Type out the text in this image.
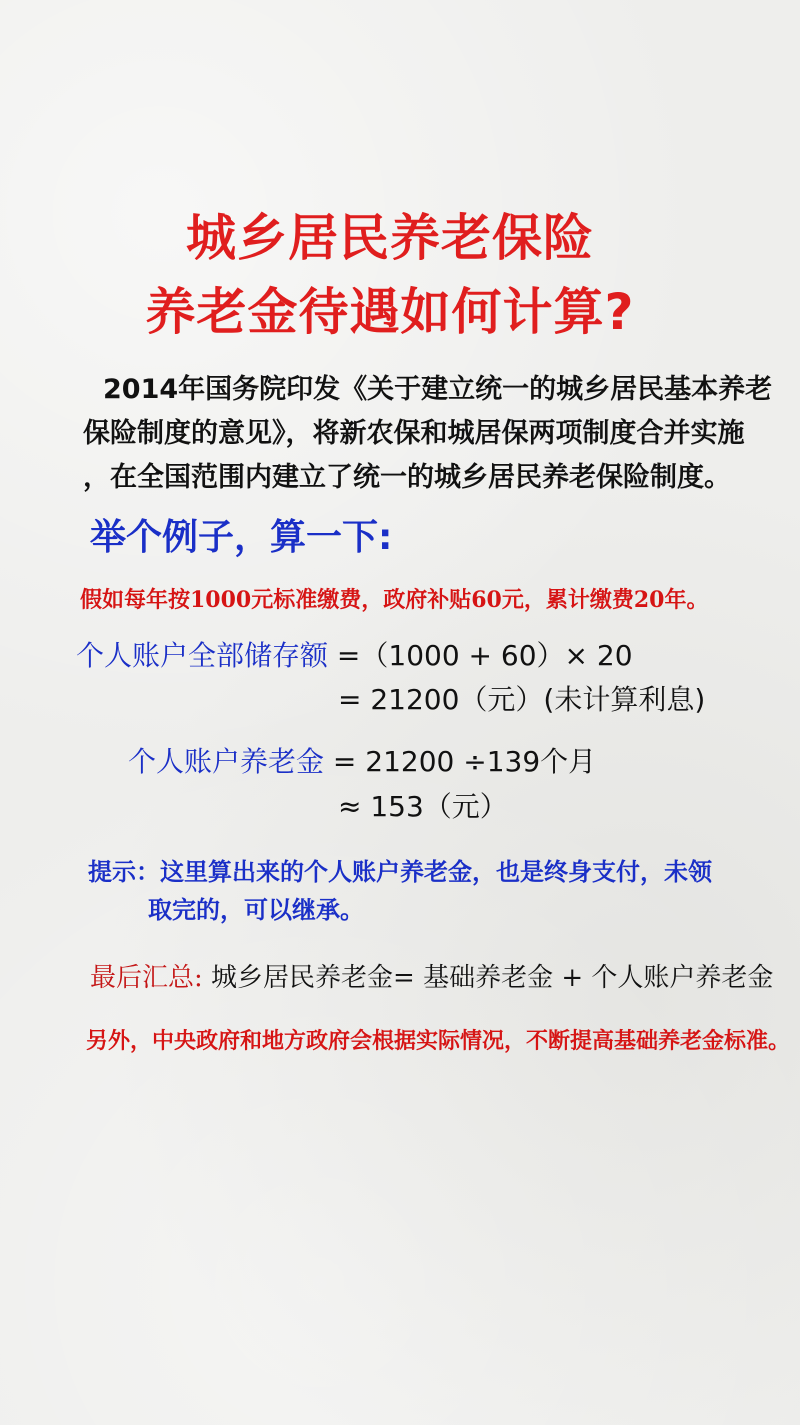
城乡居民养老保险
养老金待遇如何计算?
2014年国务院印发《关于建立统一的城乡居民基本养老
保险制度的意见》，将新农保和城居保两项制度合并实施
，在全国范围内建立了统一的城乡居民养老保险制度。
举个例子，算一下:
假如每年按1000元标准缴费，政府补贴60元，累计缴费20年。
个人账户全部储存额 =（1000 + 60）× 20
= 21200（元）(未计算利息)
个人账户养老金 = 21200 ÷139个月
≈ 153（元）
提示：这里算出来的个人账户养老金，也是终身支付，未领
取完的，可以继承。
最后汇总: 城乡居民养老金= 基础养老金 + 个人账户养老金
另外，中央政府和地方政府会根据实际情况，不断提高基础养老金标准。
